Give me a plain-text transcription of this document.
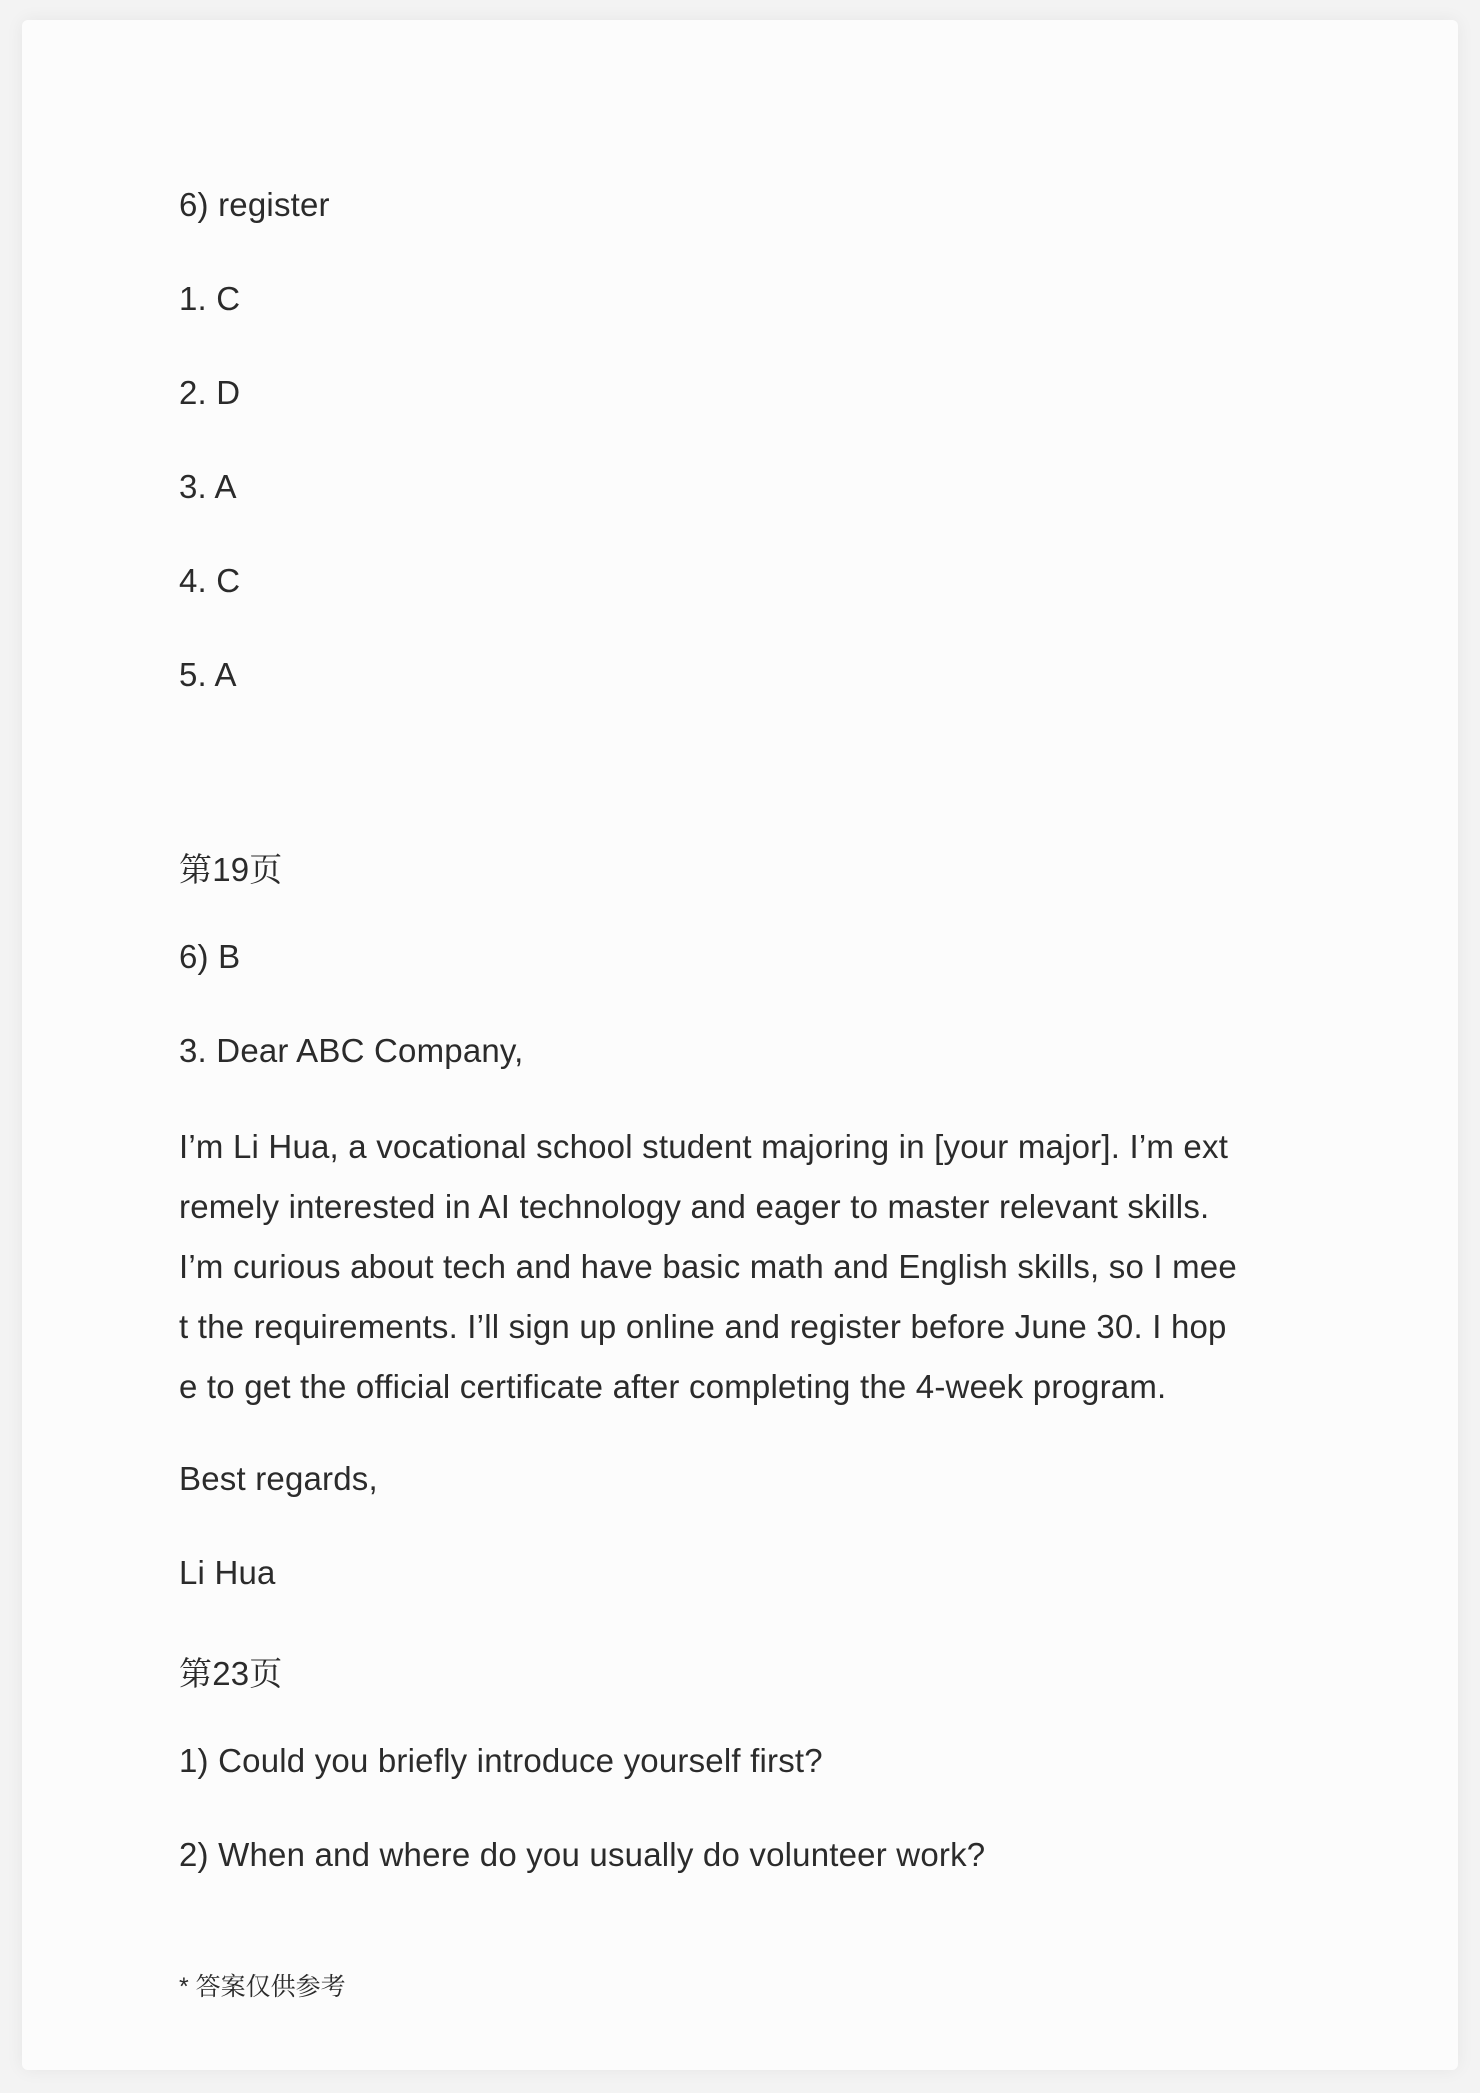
6) register

1. C

2. D

3. A

4. C

5. A

第19页

6) B

3. Dear ABC Company,

I’m Li Hua, a vocational school student majoring in [your major]. I’m ext
remely interested in AI technology and eager to master relevant skills.
I’m curious about tech and have basic math and English skills, so I mee
t the requirements. I’ll sign up online and register before June 30. I hop
e to get the official certificate after completing the 4-week program.

Best regards,

Li Hua

第23页

1) Could you briefly introduce yourself first?

2) When and where do you usually do volunteer work?

* 答案仅供参考
